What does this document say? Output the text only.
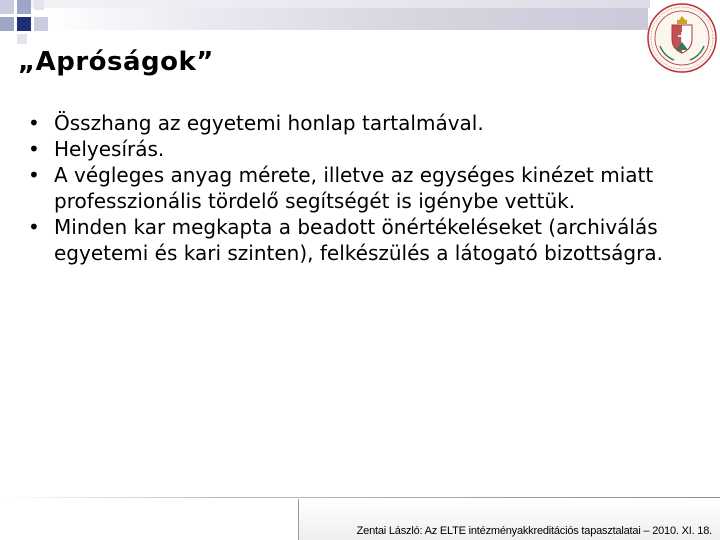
„Apróságok”
• Összhang az egyetemi honlap tartalmával.
• Helyesírás.
• A végleges anyag mérete, illetve az egységes kinézet miatt professzionális tördelő segítségét is igénybe vettük.
• Minden kar megkapta a beadott önértékeléseket (archiválás egyetemi és kari szinten), felkészülés a látogató bizottságra.
Zentai László: Az ELTE intézményakkreditációs tapasztalatai – 2010. XI. 18.
